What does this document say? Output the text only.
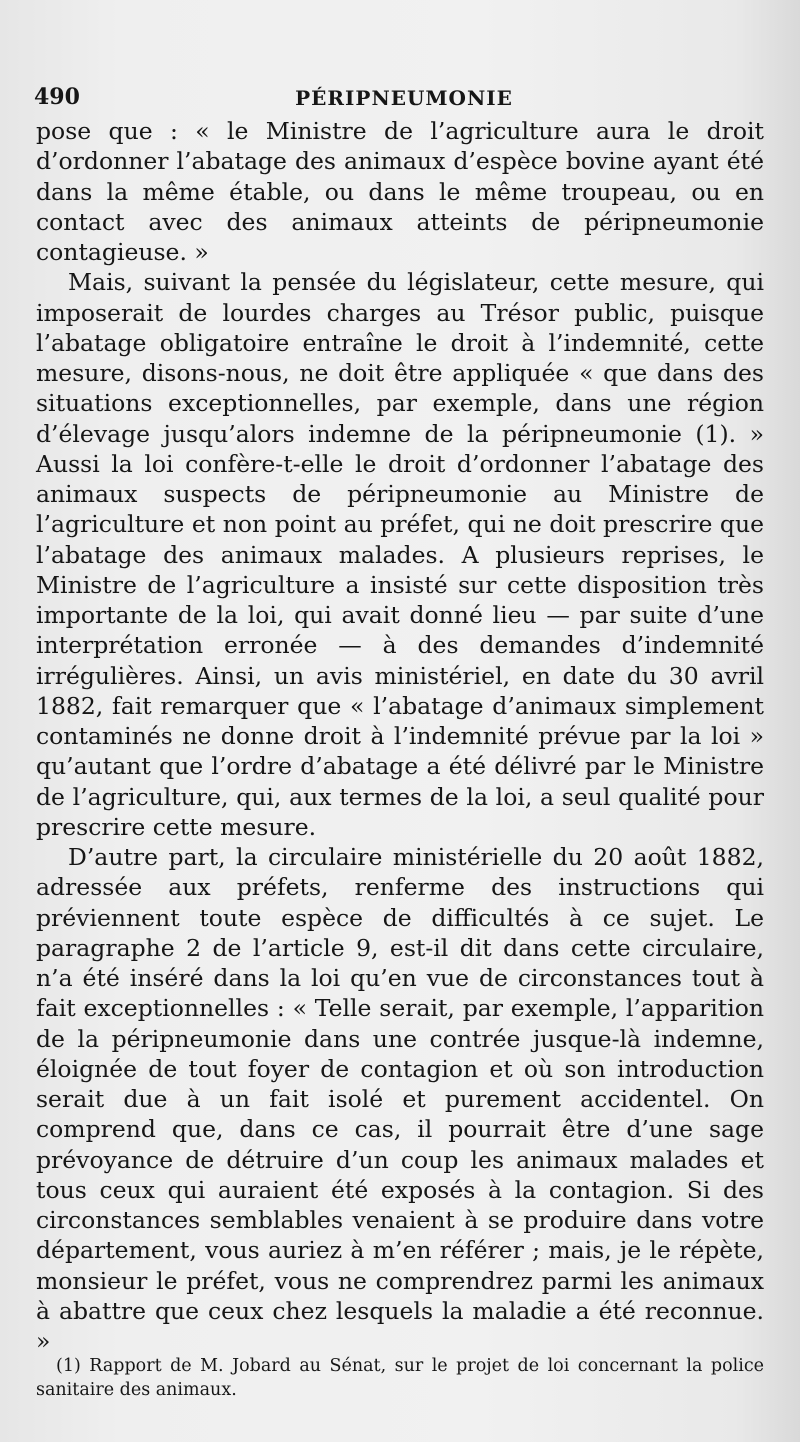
490	PÉRIPNEUMONIE

pose que : « le Ministre de l’agriculture aura le droit d’ordonner l’abatage des animaux d’espèce bovine ayant été dans la même étable, ou dans le même troupeau, ou en contact avec des animaux atteints de péripneumonie contagieuse. »

Mais, suivant la pensée du législateur, cette mesure, qui imposerait de lourdes charges au Trésor public, puisque l’abatage obligatoire entraîne le droit à l’indemnité, cette mesure, disons-nous, ne doit être appliquée « que dans des situations exceptionnelles, par exemple, dans une région d’élevage jusqu’alors indemne de la péripneumonie (1). » Aussi la loi confère-t-elle le droit d’ordonner l’abatage des animaux suspects de péripneumonie au Ministre de l’agriculture et non point au préfet, qui ne doit prescrire que l’abatage des animaux malades. A plusieurs reprises, le Ministre de l’agriculture a insisté sur cette disposition très importante de la loi, qui avait donné lieu — par suite d’une interprétation erronée — à des demandes d’indemnité irrégulières. Ainsi, un avis ministériel, en date du 30 avril 1882, fait remarquer que « l’abatage d’animaux simplement contaminés ne donne droit à l’indemnité prévue par la loi » qu’autant que l’ordre d’abatage a été délivré par le Ministre de l’agriculture, qui, aux termes de la loi, a seul qualité pour prescrire cette mesure.

D’autre part, la circulaire ministérielle du 20 août 1882, adressée aux préfets, renferme des instructions qui préviennent toute espèce de difficultés à ce sujet. Le paragraphe 2 de l’article 9, est-il dit dans cette circulaire, n’a été inséré dans la loi qu’en vue de circonstances tout à fait exceptionnelles : « Telle serait, par exemple, l’apparition de la péripneumonie dans une contrée jusque-là indemne, éloignée de tout foyer de contagion et où son introduction serait due à un fait isolé et purement accidentel. On comprend que, dans ce cas, il pourrait être d’une sage prévoyance de détruire d’un coup les animaux malades et tous ceux qui auraient été exposés à la contagion. Si des circonstances semblables venaient à se produire dans votre département, vous auriez à m’en référer ; mais, je le répète, monsieur le préfet, vous ne comprendrez parmi les animaux à abattre que ceux chez lesquels la maladie a été reconnue. »

(1) Rapport de M. Jobard au Sénat, sur le projet de loi concernant la police sanitaire des animaux.
